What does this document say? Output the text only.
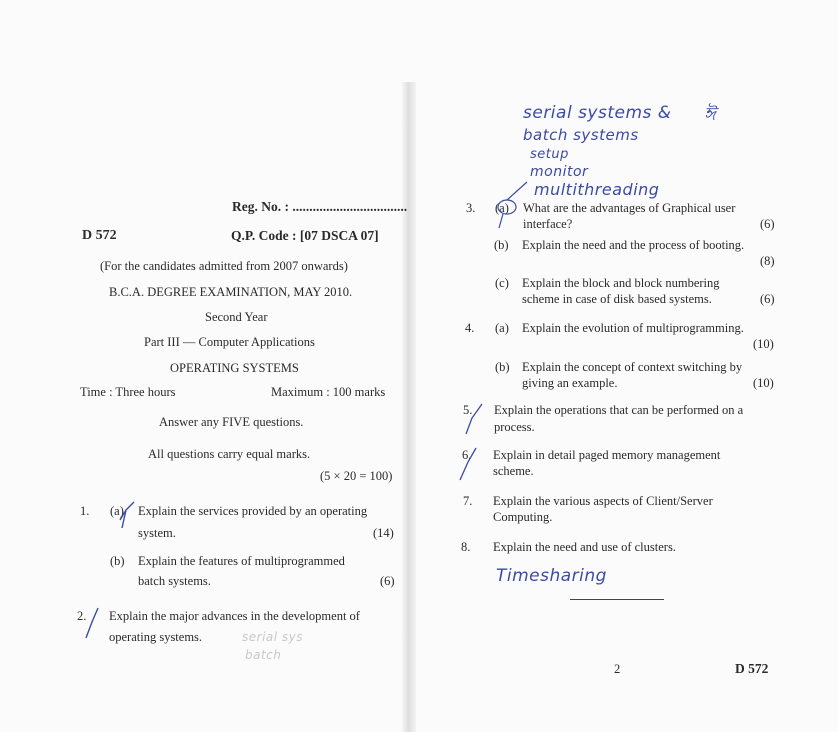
Reg. No. : ..................................
D 572	Q.P. Code : [07 DSCA 07]
(For the candidates admitted from 2007 onwards)
B.C.A. DEGREE EXAMINATION, MAY 2010.
Second Year
Part III — Computer Applications
OPERATING SYSTEMS
Time : Three hours	Maximum : 100 marks
Answer any FIVE questions.
All questions carry equal marks.
(5 × 20 = 100)
1. (a) Explain the services provided by an operating
system.	(14)
(b) Explain the features of multiprogrammed
batch systems.	(6)
2. Explain the major advances in the development of
operating systems.	serial sys
batch
serial systems & ঈ
batch systems
setup
monitor
multithreading
3. (a) What are the advantages of Graphical user
interface?	(6)
(b) Explain the need and the process of booting.
(8)
(c) Explain the block and block numbering
scheme in case of disk based systems.	(6)
4. (a) Explain the evolution of multiprogramming.
(10)
(b) Explain the concept of context switching by
giving an example.	(10)
5. Explain the operations that can be performed on a
process.
6. Explain in detail paged memory management
scheme.
7. Explain the various aspects of Client/Server
Computing.
8. Explain the need and use of clusters.
Timesharing
2	D 572
